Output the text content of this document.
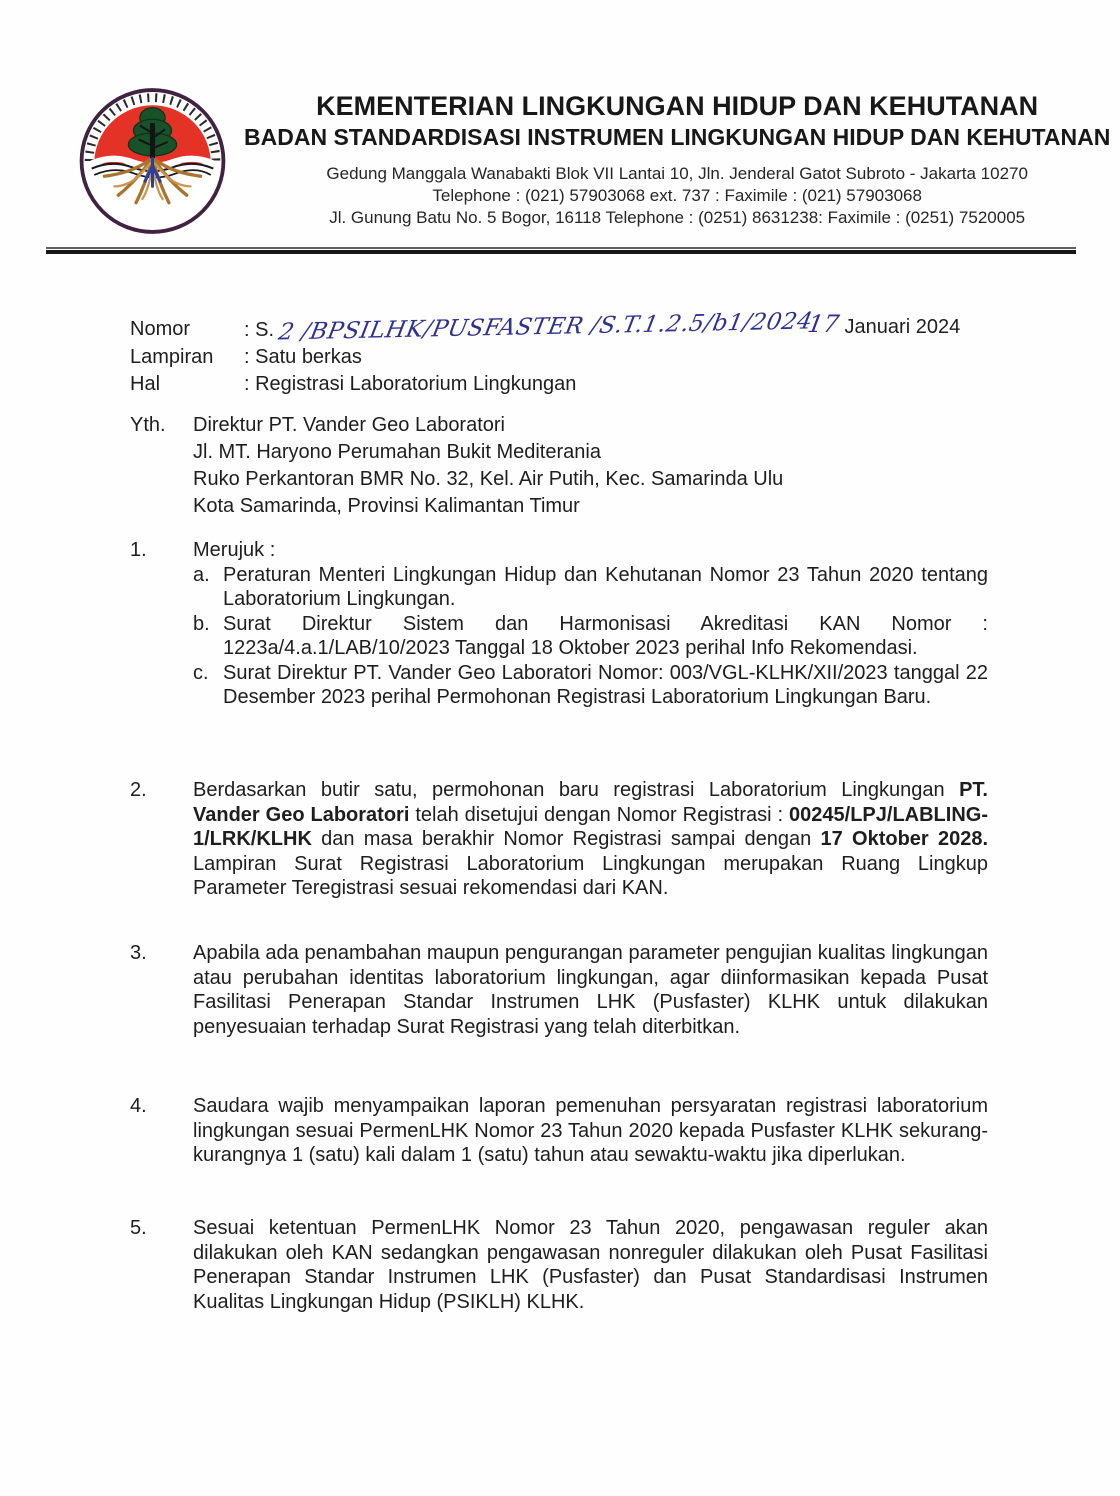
KEMENTERIAN LINGKUNGAN HIDUP DAN KEHUTANAN
BADAN STANDARDISASI INSTRUMEN LINGKUNGAN HIDUP DAN KEHUTANAN
Gedung Manggala Wanabakti Blok VII Lantai 10, Jln. Jenderal Gatot Subroto - Jakarta 10270
Telephone : (021) 57903068 ext. 737 : Faximile : (021) 57903068
Jl. Gunung Batu No. 5 Bogor, 16118 Telephone : (0251) 8631238: Faximile : (0251) 7520005
Nomor	: S. 2 /BPSILHK/PUSFASTER /S.T.1.2.5/b1/2024
17 Januari 2024
Lampiran	: Satu berkas
Hal	: Registrasi Laboratorium Lingkungan
Yth.	Direktur PT. Vander Geo Laboratori
Jl. MT. Haryono Perumahan Bukit Mediterania
Ruko Perkantoran BMR No. 32, Kel. Air Putih, Kec. Samarinda Ulu
Kota Samarinda, Provinsi Kalimantan Timur
1.	Merujuk :
a. Peraturan Menteri Lingkungan Hidup dan Kehutanan Nomor 23 Tahun 2020 tentang Laboratorium Lingkungan.
b. Surat Direktur Sistem dan Harmonisasi Akreditasi KAN Nomor : 1223a/4.a.1/LAB/10/2023 Tanggal 18 Oktober 2023 perihal Info Rekomendasi.
c. Surat Direktur PT. Vander Geo Laboratori Nomor: 003/VGL-KLHK/XII/2023 tanggal 22 Desember 2023 perihal Permohonan Registrasi Laboratorium Lingkungan Baru.
2.	Berdasarkan butir satu, permohonan baru registrasi Laboratorium Lingkungan PT. Vander Geo Laboratori telah disetujui dengan Nomor Registrasi : 00245/LPJ/LABLING-1/LRK/KLHK dan masa berakhir Nomor Registrasi sampai dengan 17 Oktober 2028. Lampiran Surat Registrasi Laboratorium Lingkungan merupakan Ruang Lingkup Parameter Teregistrasi sesuai rekomendasi dari KAN.
3.	Apabila ada penambahan maupun pengurangan parameter pengujian kualitas lingkungan atau perubahan identitas laboratorium lingkungan, agar diinformasikan kepada Pusat Fasilitasi Penerapan Standar Instrumen LHK (Pusfaster) KLHK untuk dilakukan penyesuaian terhadap Surat Registrasi yang telah diterbitkan.
4.	Saudara wajib menyampaikan laporan pemenuhan persyaratan registrasi laboratorium lingkungan sesuai PermenLHK Nomor 23 Tahun 2020 kepada Pusfaster KLHK sekurang-kurangnya 1 (satu) kali dalam 1 (satu) tahun atau sewaktu-waktu jika diperlukan.
5.	Sesuai ketentuan PermenLHK Nomor 23 Tahun 2020, pengawasan reguler akan dilakukan oleh KAN sedangkan pengawasan nonreguler dilakukan oleh Pusat Fasilitasi Penerapan Standar Instrumen LHK (Pusfaster) dan Pusat Standardisasi Instrumen Kualitas Lingkungan Hidup (PSIKLH) KLHK.
